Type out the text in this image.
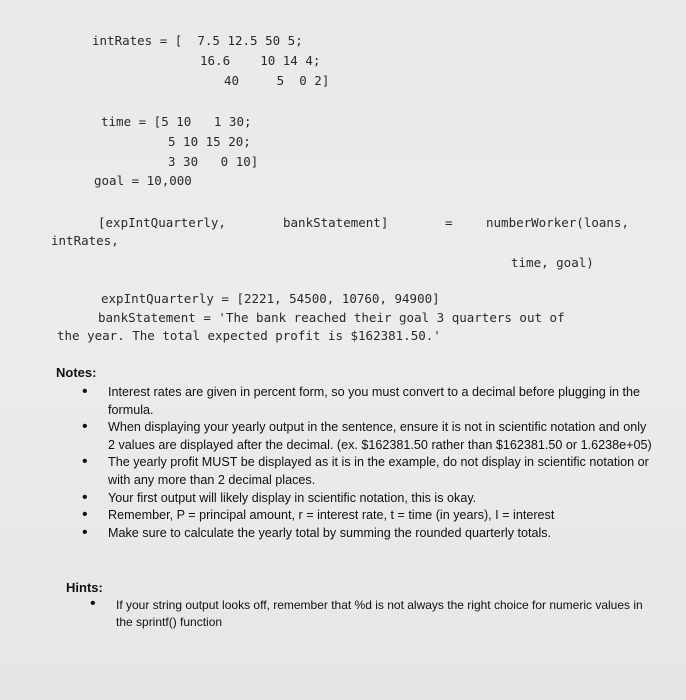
intRates = [  7.5 12.5 50 5;
16.6    10 14 4;
40     5  0 2]
time = [5 10   1 30;
5 10 15 20;
3 30   0 10]
goal = 10,000
[expIntQuarterly,	bankStatement]	=	numberWorker(loans,
intRates,
time, goal)
expIntQuarterly = [2221, 54500, 10760, 94900]
bankStatement = 'The bank reached their goal 3 quarters out of
the year. The total expected profit is $162381.50.'
Notes:
• Interest rates are given in percent form, so you must convert to a decimal before plugging in the formula.
• When displaying your yearly output in the sentence, ensure it is not in scientific notation and only 2 values are displayed after the decimal. (ex. $162381.50 rather than $162381.50 or 1.6238e+05)
• The yearly profit MUST be displayed as it is in the example, do not display in scientific notation or with any more than 2 decimal places.
• Your first output will likely display in scientific notation, this is okay.
• Remember, P = principal amount, r = interest rate, t = time (in years), I = interest
• Make sure to calculate the yearly total by summing the rounded quarterly totals.
Hints:
• If your string output looks off, remember that %d is not always the right choice for numeric values in the sprintf() function
